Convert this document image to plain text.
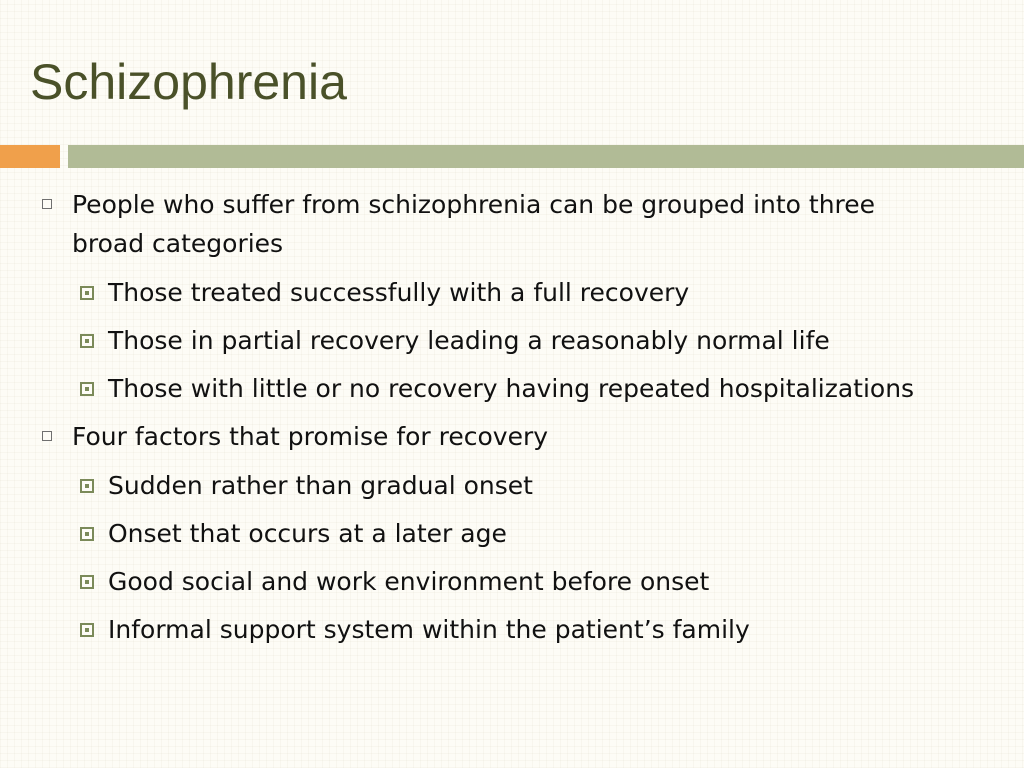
Schizophrenia
People who suffer from schizophrenia can be grouped into three broad categories
Those treated successfully with a full recovery
Those in partial recovery leading a reasonably normal life
Those with little or no recovery having repeated hospitalizations
Four factors that promise for recovery
Sudden rather than gradual onset
Onset that occurs at a later age
Good social and work environment before onset
Informal support system within the patient’s family
